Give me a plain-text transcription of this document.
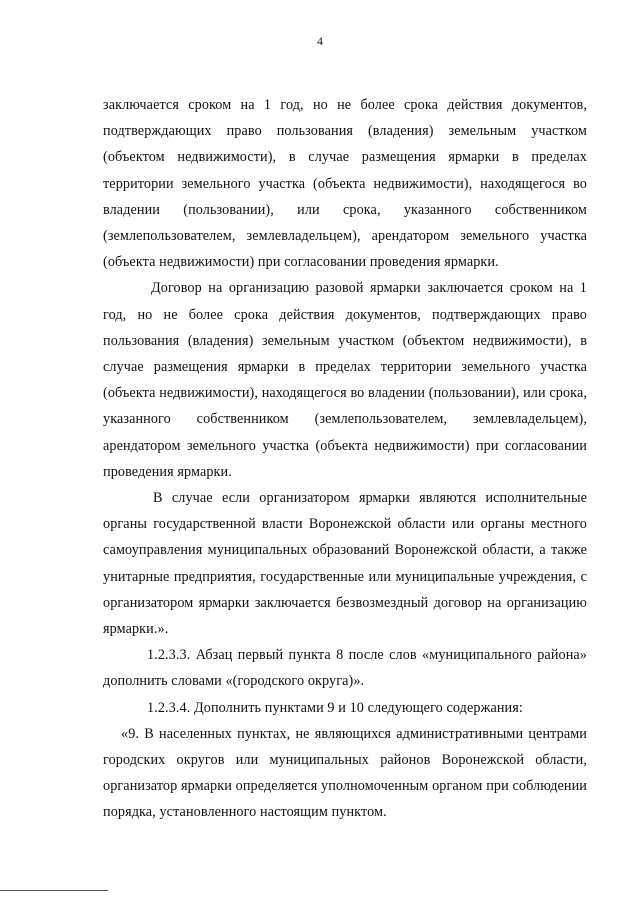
4

заключается сроком на 1 год, но не более срока действия документов, подтверждающих право пользования (владения) земельным участком (объектом недвижимости), в случае размещения ярмарки в пределах территории земельного участка (объекта недвижимости), находящегося во владении (пользовании), или срока, указанного собственником (землепользователем, землевладельцем), арендатором земельного участка (объекта недвижимости) при согласовании проведения ярмарки.

Договор на организацию разовой ярмарки заключается сроком на 1 год, но не более срока действия документов, подтверждающих право пользования (владения) земельным участком (объектом недвижимости), в случае размещения ярмарки в пределах территории земельного участка (объекта недвижимости), находящегося во владении (пользовании), или срока, указанного собственником (землепользователем, землевладельцем), арендатором земельного участка (объекта недвижимости) при согласовании проведения ярмарки.

В случае если организатором ярмарки являются исполнительные органы государственной власти Воронежской области или органы местного самоуправления муниципальных образований Воронежской области, а также унитарные предприятия, государственные или муниципальные учреждения, с организатором ярмарки заключается безвозмездный договор на организацию ярмарки.».

1.2.3.3. Абзац первый пункта 8 после слов «муниципального района» дополнить словами «(городского округа)».

1.2.3.4. Дополнить пунктами 9 и 10 следующего содержания:

«9. В населенных пунктах, не являющихся административными центрами городских округов или муниципальных районов Воронежской области, организатор ярмарки определяется уполномоченным органом при соблюдении порядка, установленного настоящим пунктом.
